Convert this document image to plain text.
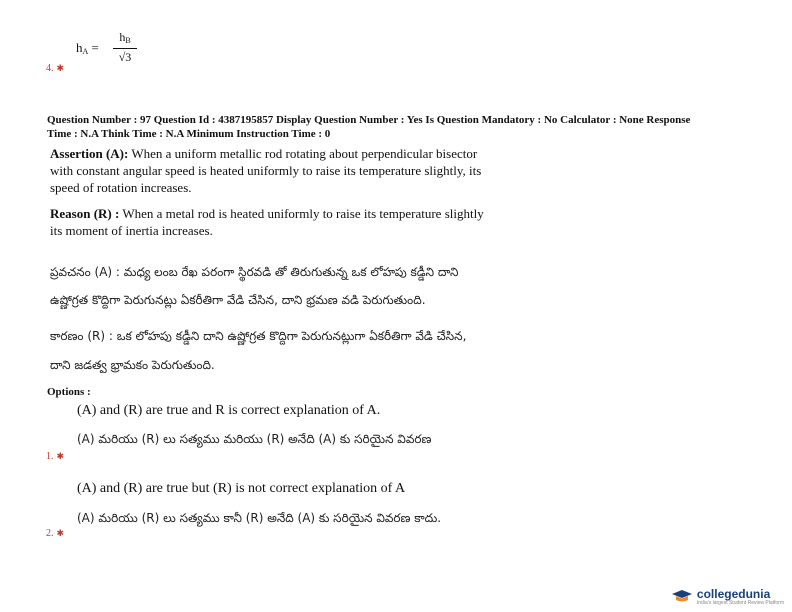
$h_A = \frac{h_B}{√3}$
4. ✱
Question Number : 97 Question Id : 4387195857 Display Question Number : Yes Is Question Mandatory : No Calculator : None Response
Time : N.A Think Time : N.A Minimum Instruction Time : 0
Assertion (A): When a uniform metallic rod rotating about perpendicular bisector
with constant angular speed is heated uniformly to raise its temperature slightly, its
speed of rotation increases.
Reason (R) : When a metal rod is heated uniformly to raise its temperature slightly
its moment of inertia increases.
ప్రవచనం (A) : మధ్య లంబ రేఖ పరంగా స్థిరవడి తో తిరుగుతున్న ఒక లోహపు కడ్డీని దాని
ఉష్ణోగ్రత కొద్దిగా పెరుగునట్లు ఏకరీతిగా వేడి చేసిన, దాని భ్రమణ వడి పెరుగుతుంది.
కారణం (R) : ఒక లోహపు కడ్డీని దాని ఉష్ణోగ్రత కొద్దిగా పెరుగునట్లుగా ఏకరీతిగా వేడి చేసిన,
దాని జడత్వ భ్రామకం పెరుగుతుంది.
Options :
(A) and (R) are true and R is correct explanation of A.
(A) మరియు (R) లు సత్యము మరియు (R) అనేది (A) కు సరియైన వివరణ
1. ✱
(A) and (R) are true but (R) is not correct explanation of A
(A) మరియు (R) లు సత్యము కానీ (R) అనేది (A) కు సరియైన వివరణ కాదు.
2. ✱
collegedunia
India's largest Student Review Platform
